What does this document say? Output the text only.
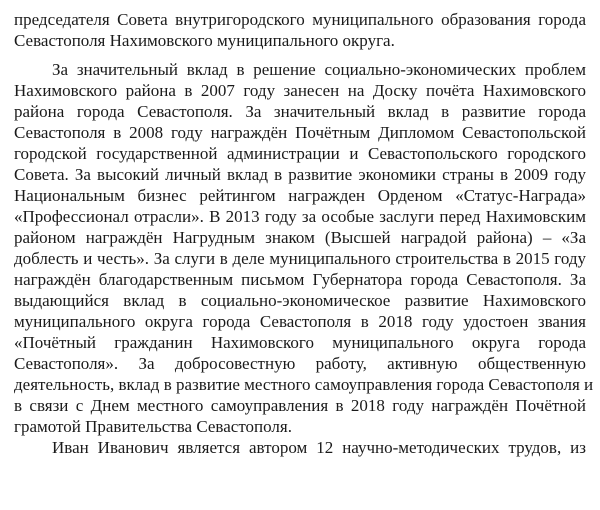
председателя Совета внутригородского муниципального образования города
Севастополя Нахимовского муниципального округа.
За значительный вклад в решение социально-экономических проблем
Нахимовского района в 2007 году занесен на Доску почёта Нахимовского
района города Севастополя. За значительный вклад в развитие города
Севастополя в 2008 году награждён Почётным Дипломом Севастопольской
городской государственной администрации и Севастопольского городского
Совета. За высокий личный вклад в развитие экономики страны в 2009 году
Национальным бизнес рейтингом награжден Орденом «Статус-Награда»
«Профессионал отрасли». В 2013 году за особые заслуги перед Нахимовским
районом награждён Нагрудным знаком (Высшей наградой района) – «За
доблесть и честь». За слуги в деле муниципального строительства в 2015 году
награждён благодарственным письмом Губернатора города Севастополя. За
выдающийся вклад в социально-экономическое развитие Нахимовского
муниципального округа города Севастополя в 2018 году удостоен звания
«Почётный гражданин Нахимовского муниципального округа города
Севастополя». За добросовестную работу, активную общественную
деятельность, вклад в развитие местного самоуправления города Севастополя и
в связи с Днем местного самоуправления в 2018 году награждён Почётной
грамотой Правительства Севастополя.
Иван Иванович является автором 12 научно-методических трудов, из
